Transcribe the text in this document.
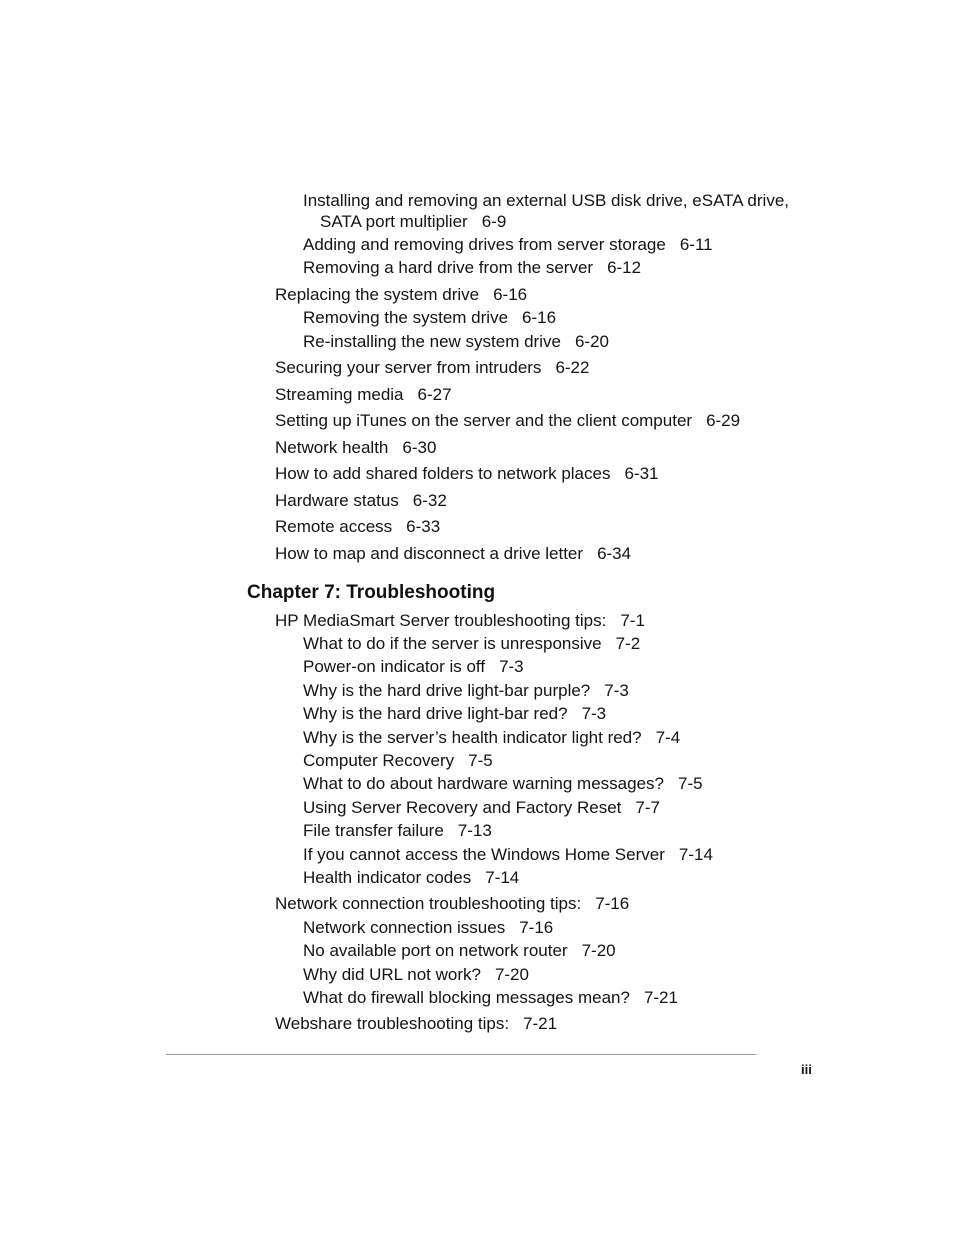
Installing and removing an external USB disk drive, eSATA drive,
SATA port multiplier 6-9
Adding and removing drives from server storage 6-11
Removing a hard drive from the server 6-12
Replacing the system drive 6-16
Removing the system drive 6-16
Re-installing the new system drive 6-20
Securing your server from intruders 6-22
Streaming media 6-27
Setting up iTunes on the server and the client computer 6-29
Network health 6-30
How to add shared folders to network places 6-31
Hardware status 6-32
Remote access 6-33
How to map and disconnect a drive letter 6-34
Chapter 7: Troubleshooting
HP MediaSmart Server troubleshooting tips: 7-1
What to do if the server is unresponsive 7-2
Power-on indicator is off 7-3
Why is the hard drive light-bar purple? 7-3
Why is the hard drive light-bar red? 7-3
Why is the server’s health indicator light red? 7-4
Computer Recovery 7-5
What to do about hardware warning messages? 7-5
Using Server Recovery and Factory Reset 7-7
File transfer failure 7-13
If you cannot access the Windows Home Server 7-14
Health indicator codes 7-14
Network connection troubleshooting tips: 7-16
Network connection issues 7-16
No available port on network router 7-20
Why did URL not work? 7-20
What do firewall blocking messages mean? 7-21
Webshare troubleshooting tips: 7-21
iii
